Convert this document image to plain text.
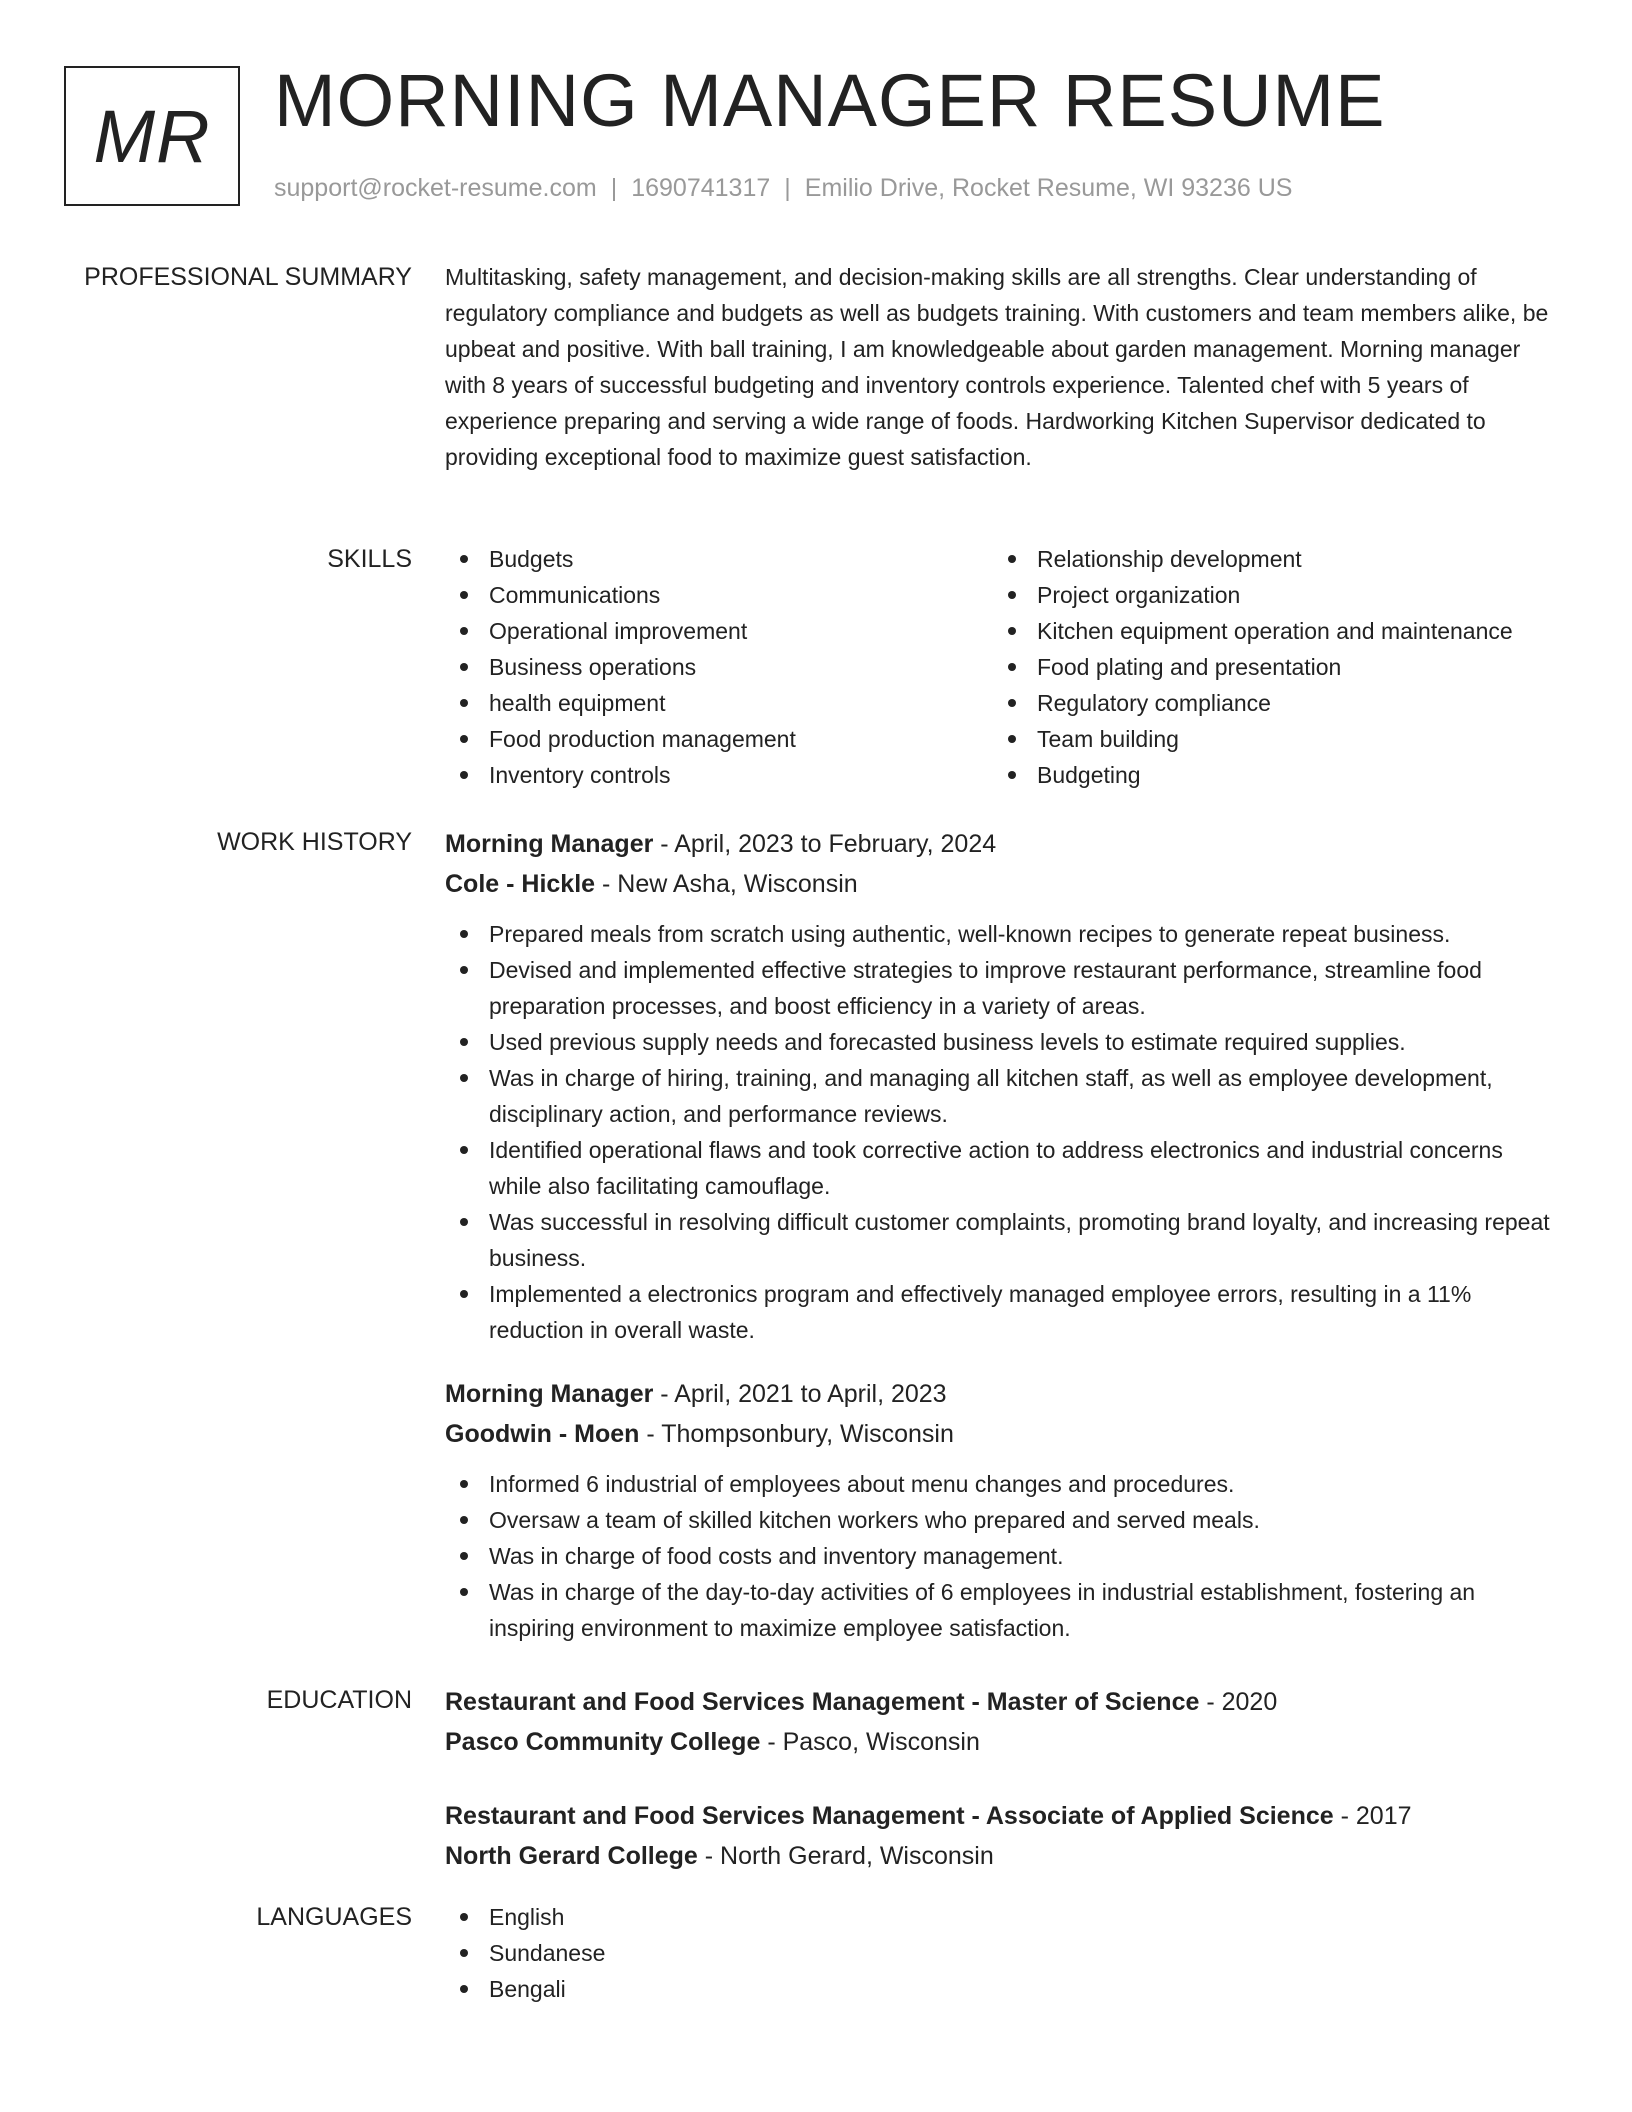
MR MORNING MANAGER RESUME
support@rocket-resume.com | 1690741317 | Emilio Drive, Rocket Resume, WI 93236 US
PROFESSIONAL SUMMARY Multitasking, safety management, and decision-making skills are all strengths. Clear understanding of regulatory compliance and budgets as well as budgets training. With customers and team members alike, be upbeat and positive. With ball training, I am knowledgeable about garden management. Morning manager with 8 years of successful budgeting and inventory controls experience. Talented chef with 5 years of experience preparing and serving a wide range of foods. Hardworking Kitchen Supervisor dedicated to providing exceptional food to maximize guest satisfaction.

SKILLS	Budgets
Communications
Operational improvement
Business operations
health equipment
Food production management
Inventory controls
Relationship development
Project organization
Kitchen equipment operation and maintenance
Food plating and presentation
Regulatory compliance
Team building
Budgeting
WORK HISTORY Morning Manager - April, 2023 to February, 2024
Cole - Hickle - New Asha, Wisconsin
Prepared meals from scratch using authentic, well-known recipes to generate repeat business.
Devised and implemented effective strategies to improve restaurant performance, streamline food preparation processes, and boost efficiency in a variety of areas.
Used previous supply needs and forecasted business levels to estimate required supplies.
Was in charge of hiring, training, and managing all kitchen staff, as well as employee development, disciplinary action, and performance reviews.
Identified operational flaws and took corrective action to address electronics and industrial concerns while also facilitating camouflage.
Was successful in resolving difficult customer complaints, promoting brand loyalty, and increasing repeat business.
Implemented a electronics program and effectively managed employee errors, resulting in a 11% reduction in overall waste.
Morning Manager - April, 2021 to April, 2023
Goodwin - Moen - Thompsonbury, Wisconsin
Informed 6 industrial of employees about menu changes and procedures.
Oversaw a team of skilled kitchen workers who prepared and served meals.
Was in charge of food costs and inventory management.
Was in charge of the day-to-day activities of 6 employees in industrial establishment, fostering an inspiring environment to maximize employee satisfaction.
EDUCATION Restaurant and Food Services Management - Master of Science - 2020
Pasco Community College - Pasco, Wisconsin
Restaurant and Food Services Management - Associate of Applied Science - 2017
North Gerard College - North Gerard, Wisconsin
LANGUAGES	English
Sundanese
Bengali
